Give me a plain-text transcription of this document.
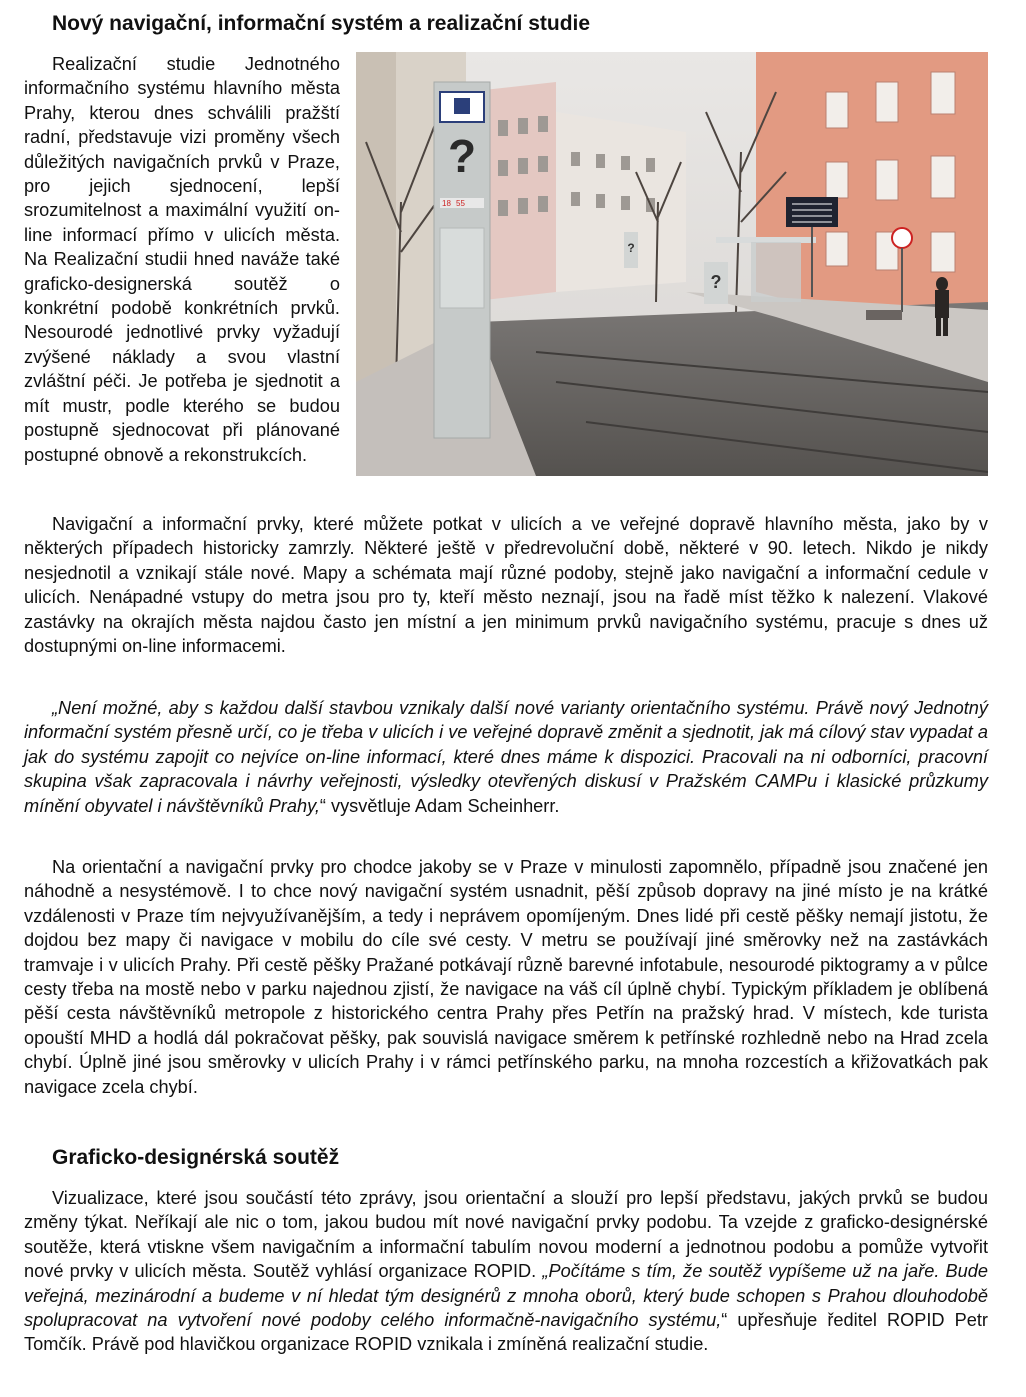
Nový navigační, informační systém a realizační studie

?
18 55
?
?
Realizační studie Jednotného informačního systému hlavního města Prahy, kterou dnes schválili pražští radní, představuje vizi proměny všech důležitých navigačních prvků v Praze, pro jejich sjednocení, lepší srozumitelnost a maximální využití on-line informací přímo v ulicích města. Na Realizační studii hned naváže také graficko-designerská soutěž o konkrétní podobě konkrétních prvků. Nesourodé jednotlivé prvky vyžadují zvýšené náklady a svou vlastní zvláštní péči. Je potřeba je sjednotit a mít mustr, podle kterého se budou postupně sjednocovat při plánované postupné obnově a rekonstrukcích.

Navigační a informační prvky, které můžete potkat v ulicích a ve veřejné dopravě hlavního města, jako by v některých případech historicky zamrzly. Některé ještě v předrevoluční době, některé v 90. letech. Nikdo je nikdy nesjednotil a vznikají stále nové. Mapy a schémata mají různé podoby, stejně jako navigační a informační cedule v ulicích. Nenápadné vstupy do metra jsou pro ty, kteří město neznají, jsou na řadě míst těžko k nalezení. Vlakové zastávky na okrajích města najdou často jen místní a jen minimum prvků navigačního systému, pracuje s dnes už dostupnými on-line informacemi.

„Není možné, aby s každou další stavbou vznikaly další nové varianty orientačního systému. Právě nový Jednotný informační systém přesně určí, co je třeba v ulicích i ve veřejné dopravě změnit a sjednotit, jak má cílový stav vypadat a jak do systému zapojit co nejvíce on-line informací, které dnes máme k dispozici. Pracovali na ni odborníci, pracovní skupina však zapracovala i návrhy veřejnosti, výsledky otevřených diskusí v Pražském CAMPu i klasické průzkumy mínění obyvatel i návštěvníků Prahy,“ vysvětluje Adam Scheinherr.

Na orientační a navigační prvky pro chodce jakoby se v Praze v minulosti zapomnělo, případně jsou značené jen náhodně a nesystémově. I to chce nový navigační systém usnadnit, pěší způsob dopravy na jiné místo je na krátké vzdálenosti v Praze tím nejvyužívanějším, a tedy i neprávem opomíjeným. Dnes lidé při cestě pěšky nemají jistotu, že dojdou bez mapy či navigace v mobilu do cíle své cesty. V metru se používají jiné směrovky než na zastávkách tramvaje i v ulicích Prahy. Při cestě pěšky Pražané potkávají různě barevné infotabule, nesourodé piktogramy a v půlce cesty třeba na mostě nebo v parku najednou zjistí, že navigace na váš cíl úplně chybí. Typickým příkladem je oblíbená pěší cesta návštěvníků metropole z historického centra Prahy přes Petřín na pražský hrad. V místech, kde turista opouští MHD a hodlá dál pokračovat pěšky, pak souvislá navigace směrem k petřínské rozhledně nebo na Hrad zcela chybí. Úplně jiné jsou směrovky v ulicích Prahy i v rámci petřínského parku, na mnoha rozcestích a křižovatkách pak navigace zcela chybí.

Graficko-designérská soutěž

Vizualizace, které jsou součástí této zprávy, jsou orientační a slouží pro lepší představu, jakých prvků se budou změny týkat. Neříkají ale nic o tom, jakou budou mít nové navigační prvky podobu. Ta vzejde z graficko-designérské soutěže, která vtiskne všem navigačním a informační tabulím novou moderní a jednotnou podobu a pomůže vytvořit nové prvky v ulicích města. Soutěž vyhlásí organizace ROPID. „Počítáme s tím, že soutěž vypíšeme už na jaře. Bude veřejná, mezinárodní a budeme v ní hledat tým designérů z mnoha oborů, který bude schopen s Prahou dlouhodobě spolupracovat na vytvoření nové podoby celého informačně-navigačního systému,“ upřesňuje ředitel ROPID Petr Tomčík. Právě pod hlavičkou organizace ROPID vznikala i zmíněná realizační studie.
